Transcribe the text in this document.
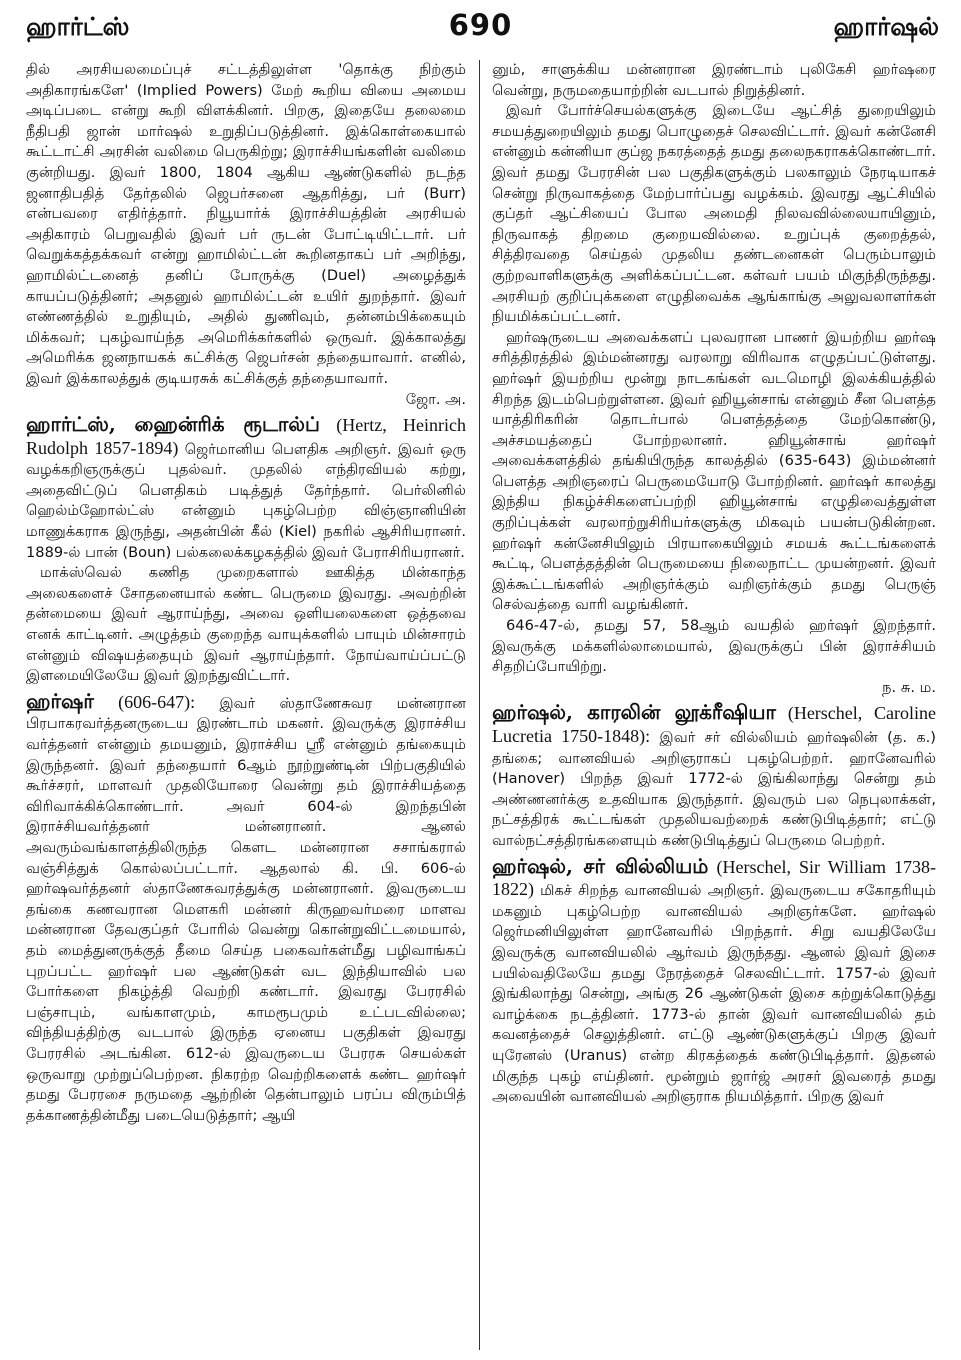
ஹார்ட்ஸ்	690	ஹார்ஷல்

தில் அரசியலமைப்புச் சட்டத்திலுள்ள 'தொக்கு நிற்கும் அதிகாரங்களே' (Implied Powers) மேற் கூறிய வியை அமைய அடிப்படை என்று கூறி விளக்கினர். பிறகு, இதையே தலைமை நீதிபதி ஜான் மார்ஷல் உறுதிப்படுத்தினர். இக்கொள்கையால் கூட்டாட்சி அரசின் வலிமை பெருகிற்று; இராச்சியங்களின் வலிமை குன்றியது. இவர் 1800, 1804 ஆகிய ஆண்டுகளில் நடந்த ஜனாதிபதித் தேர்தலில் ஜெபர்சனை ஆதரித்து, பர் (Burr) என்பவரை எதிர்த்தார். நியூயார்க் இராச்சியத்தின் அரசியல் அதிகாரம் பெறுவதில் இவர் பர் ருடன் போட்டியிட்டார். பர் வெறுக்கத்தக்கவர் என்று ஹாமில்ட்டன் கூறினதாகப் பர் அறிந்து, ஹாமில்ட்டனைத் தனிப் போருக்கு (Duel) அழைத்துக் காயப்படுத்தினர்; அதனுல் ஹாமில்ட்டன் உயிர் துறந்தார். இவர் எண்ணத்தில் உறுதியும், அதில் துணிவும், தன்னம்பிக்கையும் மிக்கவர்; புகழ்வாய்ந்த அமெரிக்கர்களில் ஒருவர். இக்காலத்து அமெரிக்க ஜனநாயகக் கட்சிக்கு ஜெபர்சன் தந்தையாவார். எனில், இவர் இக்காலத்துக் குடியரசுக் கட்சிக்குத் தந்தையாவார்.

ஜோ. அ.

ஹார்ட்ஸ், ஹைன்ரிக் ரூடால்ப் (Hertz, Heinrich Rudolph 1857-1894) ஜெர்மானிய பௌதிக அறிஞர். இவர் ஒரு வழக்கறிஞருக்குப் புதல்வர். முதலில் எந்திரவியல் கற்று, அதைவிட்டுப் பௌதிகம் படித்துத் தேர்ந்தார். பெர்லினில் ஹெல்ம்ஹோல்ட்ஸ் என்னும் புகழ்பெற்ற விஞ்ஞானியின் மாணுக்கராக இருந்து, அதன்பின் கீல் (Kiel) நகரில் ஆசிரியரானர். 1889-ல் பான் (Boun) பல்கலைக்கழகத்தில் இவர் பேராசிரியரானர்.

மாக்ஸ்வெல் கணித முறைகளால் ஊகித்த மின்காந்த அலைகளைச் சோதனையால் கண்ட பெருமை இவரது. அவற்றின் தன்மையை இவர் ஆராய்ந்து, அவை ஒளியலைகளை ஒத்தவை எனக் காட்டினர். அழுத்தம் குறைந்த வாயுக்களில் பாயும் மின்சாரம் என்னும் விஷயத்தையும் இவர் ஆராய்ந்தார். நோய்வாய்ப்பட்டு இளமையிலேயே இவர் இறந்துவிட்டார்.

ஹர்ஷர் (606-647): இவர் ஸ்தாணேசுவர மன்னரான பிரபாகரவர்த்தனருடைய இரண்டாம் மகனர். இவருக்கு இராச்சிய வர்த்தனர் என்னும் தமயனும், இராச்சிய ஸ்ரீ என்னும் தங்கையும் இருந்தனர். இவர் தந்தையார் 6ஆம் நூற்றுண்டின் பிற்பகுதியில் கூர்ச்சரர், மாளவர் முதலியோரை வென்று தம் இராச்சியத்தை விரிவாக்கிக்கொண்டார். அவர் 604-ல் இறந்தபின் இராச்சியவர்த்தனர் மன்னரானர். ஆனல் அவரும்வங்காளத்திலிருந்த கௌட மன்னரான சசாங்கரால் வஞ்சித்துக் கொல்லப்பட்டார். ஆதலால் கி. பி. 606-ல் ஹர்ஷவர்த்தனர் ஸ்தாணேசுவரத்துக்கு மன்னரானர். இவருடைய தங்கை கணவரான மௌகரி மன்னர் கிருஹவர்மரை மாளவ மன்னரான தேவகுப்தர் போரில் வென்று கொன்றுவிட்டமையால், தம் மைத்துனருக்குத் தீமை செய்த பகைவர்கள்மீது பழிவாங்கப் புறப்பட்ட ஹர்ஷர் பல ஆண்டுகள் வட இந்தியாவில் பல போர்களை நிகழ்த்தி வெற்றி கண்டார். இவரது பேரரசில் பஞ்சாபும், வங்காளமும், காமரூபமும் உட்படவில்லை; விந்தியத்திற்கு வடபால் இருந்த ஏனைய பகுதிகள் இவரது பேரரசில் அடங்கின. 612-ல் இவருடைய பேரரசு செயல்கள் ஒருவாறு முற்றுப்பெற்றன. நிகரற்ற வெற்றிகளைக் கண்ட ஹர்ஷர் தமது பேரரசை நருமதை ஆற்றின் தென்பாலும் பரப்ப விரும்பித் தக்காணத்தின்மீது படையெடுத்தார்; ஆயி

னும், சாளுக்கிய மன்னரான இரண்டாம் புலிகேசி ஹர்ஷரை வென்று, நருமதையாற்றின் வடபால் நிறுத்தினர்.

இவர் போர்ச்செயல்களுக்கு இடையே ஆட்சித் துறையிலும் சமயத்துறையிலும் தமது பொழுதைச் செலவிட்டார். இவர் கன்னேசி என்னும் கன்னியா குப்ஜ நகரத்தைத் தமது தலைநகராகக்கொண்டார். இவர் தமது பேரரசின் பல பகுதிகளுக்கும் பலகாலும் நேரடியாகச் சென்று நிருவாகத்தை மேற்பார்ப்பது வழக்கம். இவரது ஆட்சியில் குப்தர் ஆட்சியைப் போல அமைதி நிலவவில்லையாயினும், நிருவாகத் திறமை குறையவில்லை. உறுப்புக் குறைத்தல், சித்திரவதை செய்தல் முதலிய தண்டனைகள் பெரும்பாலும் குற்றவாளிகளுக்கு அளிக்கப்பட்டன. கள்வர் பயம் மிகுந்திருந்தது. அரசியற் குறிப்புக்களை எழுதிவைக்க ஆங்காங்கு அலுவலாளர்கள் நியமிக்கப்பட்டனர்.

ஹர்ஷருடைய அவைக்களப் புலவரான பாணர் இயற்றிய ஹர்ஷ சரித்திரத்தில் இம்மன்னரது வரலாறு விரிவாக எழுதப்பட்டுள்ளது. ஹர்ஷர் இயற்றிய மூன்று நாடகங்கள் வடமொழி இலக்கியத்தில் சிறந்த இடம்பெற்றுள்ளன. இவர் ஹியூன்சாங் என்னும் சீன பௌத்த யாத்திரிகரின் தொடர்பால் பௌத்தத்தை மேற்கொண்டு, அச்சமயத்தைப் போற்றலானர். ஹியூன்சாங் ஹர்ஷர் அவைக்களத்தில் தங்கியிருந்த காலத்தில் (635-643) இம்மன்னர் பௌத்த அறிஞரைப் பெருமையோடு போற்றினர். ஹர்ஷர் காலத்து இந்திய நிகழ்ச்சிகளைப்பற்றி ஹியூன்சாங் எழுதிவைத்துள்ள குறிப்புக்கள் வரலாற்றுசிரியர்களுக்கு மிகவும் பயன்படுகின்றன. ஹர்ஷர் கன்னேசியிலும் பிரயாகையிலும் சமயக் கூட்டங்களைக் கூட்டி, பௌத்தத்தின் பெருமையை நிலைநாட்ட முயன்றனர். இவர் இக்கூட்டங்களில் அறிஞர்க்கும் வறிஞர்க்கும் தமது பெருஞ் செல்வத்தை வாரி வழங்கினர்.

646-47-ல், தமது 57, 58ஆம் வயதில் ஹர்ஷர் இறந்தார். இவருக்கு மக்களில்லாமையால், இவருக்குப் பின் இராச்சியம் சிதறிப்போயிற்று.

ந. சு. ம.

ஹர்ஷல், காரலின் லூக்ரீஷியா (Herschel, Caroline Lucretia 1750-1848): இவர் சர் வில்லியம் ஹர்ஷலின் (த. க.) தங்கை; வானவியல் அறிஞராகப் புகழ்பெற்றர். ஹானேவரில் (Hanover) பிறந்த இவர் 1772-ல் இங்கிலாந்து சென்று தம் அண்ணனர்க்கு உதவியாக இருந்தார். இவரும் பல நெபுலாக்கள், நட்சத்திரக் கூட்டங்கள் முதலியவற்றைக் கண்டுபிடித்தார்; எட்டு வால்நட்சத்திரங்களையும் கண்டுபிடித்துப் பெருமை பெற்றர்.

ஹர்ஷல், சர் வில்லியம் (Herschel, Sir William 1738-1822) மிகச் சிறந்த வானவியல் அறிஞர். இவருடைய சகோதரியும் மகனும் புகழ்பெற்ற வானவியல் அறிஞர்களே. ஹர்ஷல் ஜெர்மனியிலுள்ள ஹானேவரில் பிறந்தார். சிறு வயதிலேயே இவருக்கு வானவியலில் ஆர்வம் இருந்தது. ஆனல் இவர் இசை பயில்வதிலேயே தமது நேரத்தைச் செலவிட்டார். 1757-ல் இவர் இங்கிலாந்து சென்று, அங்கு 26 ஆண்டுகள் இசை கற்றுக்கொடுத்து வாழ்க்கை நடத்தினர். 1773-ல் தான் இவர் வானவியலில் தம் கவனத்தைச் செலுத்தினர். எட்டு ஆண்டுகளுக்குப் பிறகு இவர் யுரேனஸ் (Uranus) என்ற கிரகத்தைக் கண்டுபிடித்தார். இதனல் மிகுந்த புகழ் எய்தினர். மூன்றும் ஜார்ஜ் அரசர் இவரைத் தமது அவையின் வானவியல் அறிஞராக நியமித்தார். பிறகு இவர்
